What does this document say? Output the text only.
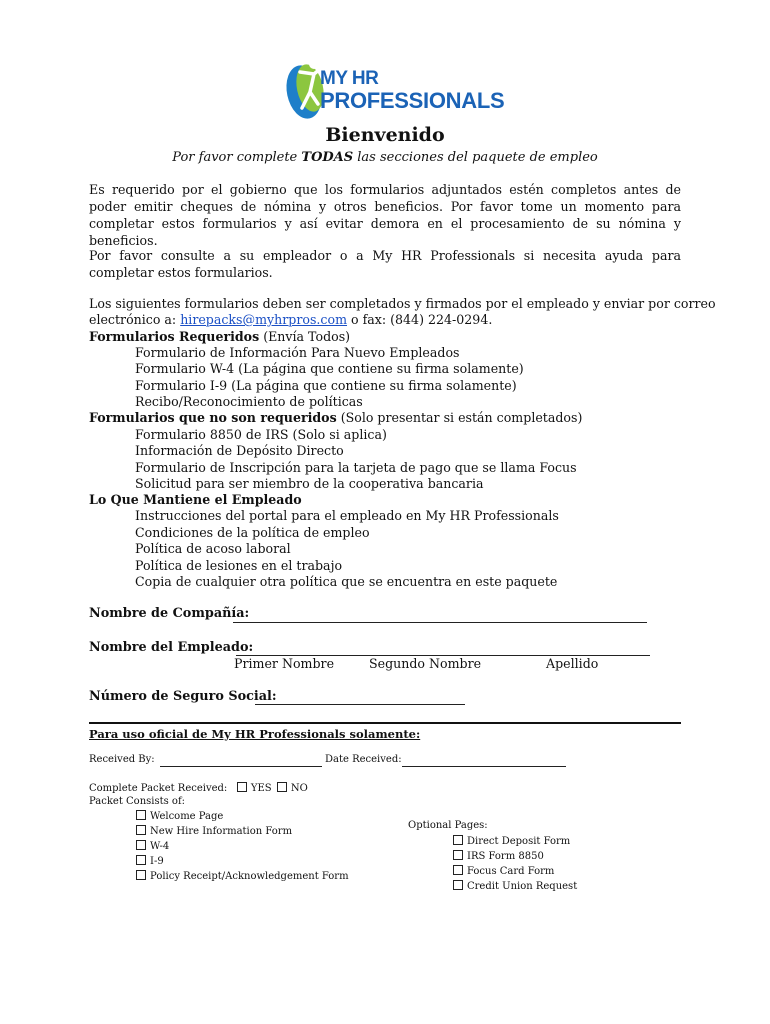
MY HR
PROFESSIONALS
Bienvenido
Por favor complete TODAS las secciones del paquete de empleo
Es requerido por el gobierno que los formularios adjuntados estén completos antes de poder emitir cheques de nómina y otros beneficios. Por favor tome un momento para completar estos formularios y así evitar demora en el procesamiento de su nómina y beneficios.
Por favor consulte a su empleador o a My HR Professionals si necesita ayuda para completar estos formularios.
Los siguientes formularios deben ser completados y firmados por el empleado y enviar por correo
electrónico a: hirepacks@myhrpros.com o fax: (844) 224-0294.
Formularios Requeridos (Envía Todos)
Formulario de Información Para Nuevo Empleados
Formulario W-4 (La página que contiene su firma solamente)
Formulario I-9 (La página que contiene su firma solamente)
Recibo/Reconocimiento de políticas
Formularios que no son requeridos (Solo presentar si están completados)
Formulario 8850 de IRS (Solo si aplica)
Información de Depósito Directo
Formulario de Inscripción para la tarjeta de pago que se llama Focus
Solicitud para ser miembro de la cooperativa bancaria
Lo Que Mantiene el Empleado
Instrucciones del portal para el empleado en My HR Professionals
Condiciones de la política de empleo
Política de acoso laboral
Política de lesiones en el trabajo
Copia de cualquier otra política que se encuentra en este paquete
Nombre de Compañía:
Nombre del Empleado:
Primer Nombre	Segundo Nombre	Apellido
Número de Seguro Social:
Para uso oficial de My HR Professionals solamente:
Received By:	Date Received:
Complete Packet Received: YES NO
Packet Consists of:
Welcome Page
New Hire Information Form
W-4
I-9
Policy Receipt/Acknowledgement Form
Optional Pages:
Direct Deposit Form
IRS Form 8850
Focus Card Form
Credit Union Request
